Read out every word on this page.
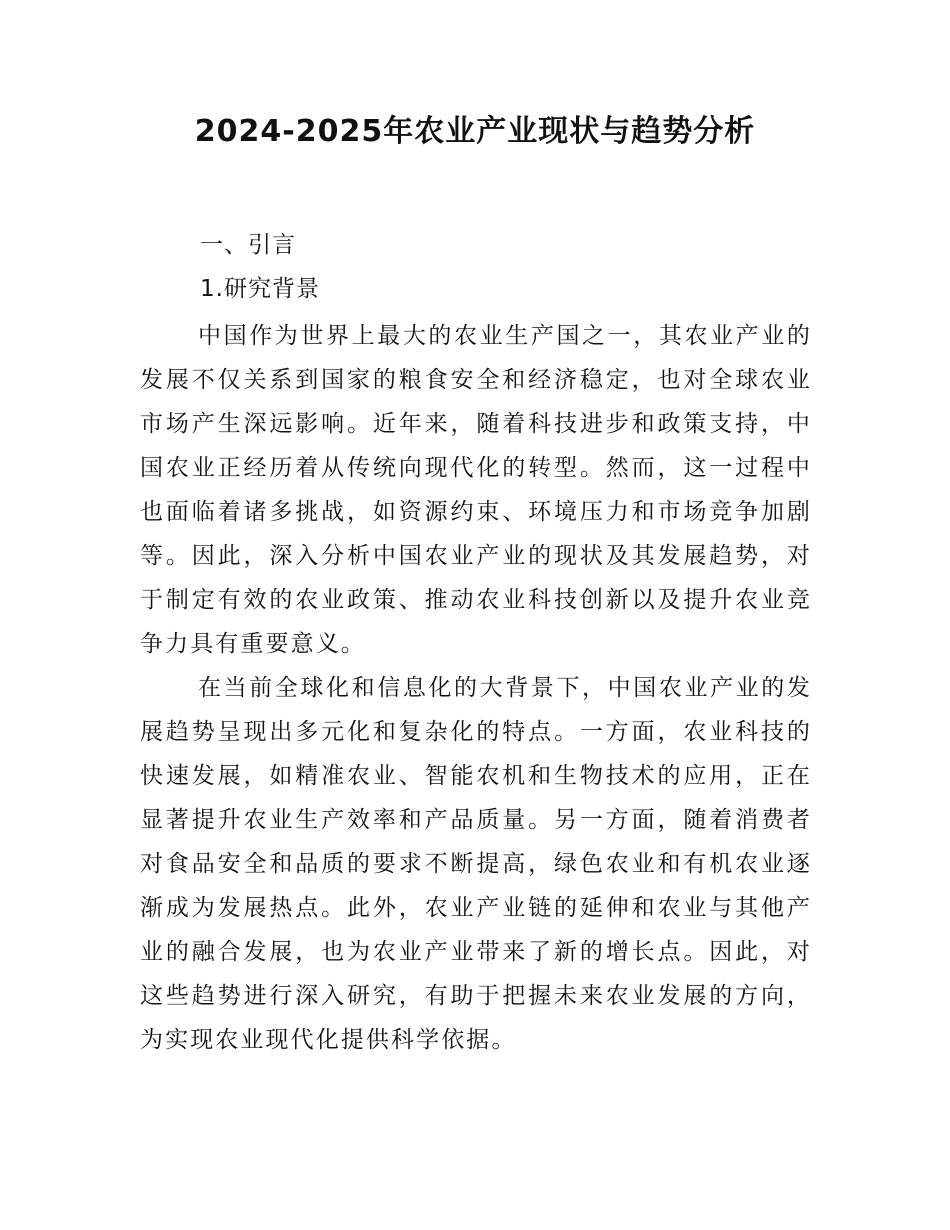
2024-2025年农业产业现状与趋势分析
一、引言
1.研究背景

中国作为世界上最大的农业生产国之一，其农业产业的发展不仅关系到国家的粮食安全和经济稳定，也对全球农业市场产生深远影响。近年来，随着科技进步和政策支持，中国农业正经历着从传统向现代化的转型。然而，这一过程中也面临着诸多挑战，如资源约束、环境压力和市场竞争加剧等。因此，深入分析中国农业产业的现状及其发展趋势，对于制定有效的农业政策、推动农业科技创新以及提升农业竞争力具有重要意义。

在当前全球化和信息化的大背景下，中国农业产业的发展趋势呈现出多元化和复杂化的特点。一方面，农业科技的快速发展，如精准农业、智能农机和生物技术的应用，正在显著提升农业生产效率和产品质量。另一方面，随着消费者对食品安全和品质的要求不断提高，绿色农业和有机农业逐渐成为发展热点。此外，农业产业链的延伸和农业与其他产业的融合发展，也为农业产业带来了新的增长点。因此，对这些趋势进行深入研究，有助于把握未来农业发展的方向，为实现农业现代化提供科学依据。
